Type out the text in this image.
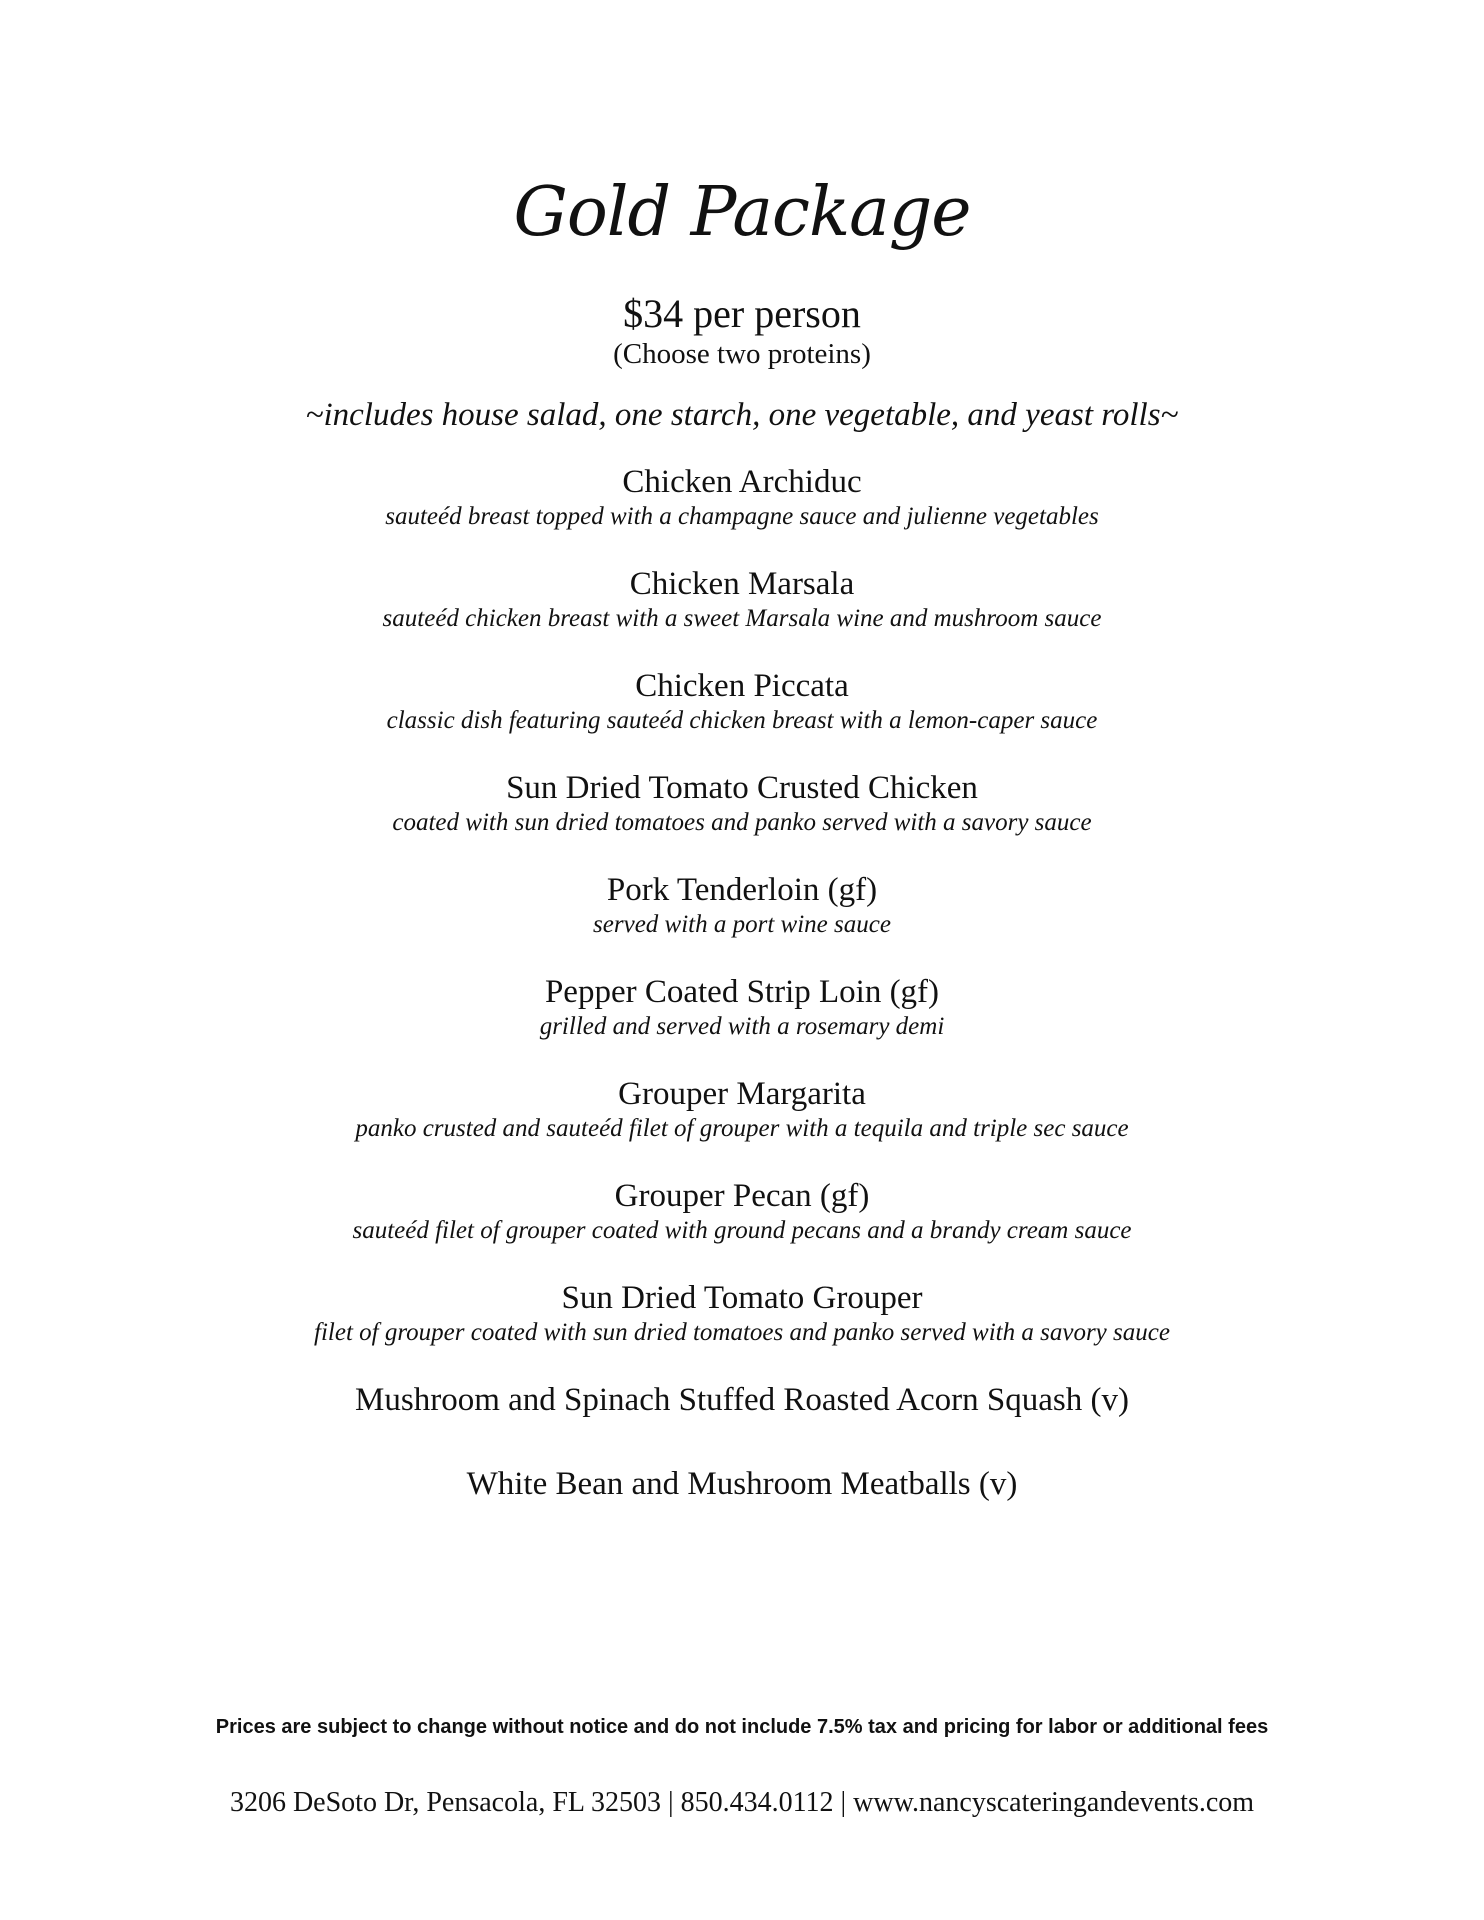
Gold Package
$34 per person
(Choose two proteins)
~includes house salad, one starch, one vegetable, and yeast rolls~
Chicken Archiduc
sauteéd breast topped with a champagne sauce and julienne vegetables
Chicken Marsala
sauteéd chicken breast with a sweet Marsala wine and mushroom sauce
Chicken Piccata
classic dish featuring sauteéd chicken breast with a lemon-caper sauce
Sun Dried Tomato Crusted Chicken
coated with sun dried tomatoes and panko served with a savory sauce
Pork Tenderloin (gf)
served with a port wine sauce
Pepper Coated Strip Loin (gf)
grilled and served with a rosemary demi
Grouper Margarita
panko crusted and sauteéd filet of grouper with a tequila and triple sec sauce
Grouper Pecan (gf)
sauteéd filet of grouper coated with ground pecans and a brandy cream sauce
Sun Dried Tomato Grouper
filet of grouper coated with sun dried tomatoes and panko served with a savory sauce
Mushroom and Spinach Stuffed Roasted Acorn Squash (v)
White Bean and Mushroom Meatballs (v)
Prices are subject to change without notice and do not include 7.5% tax and pricing for labor or additional fees
3206 DeSoto Dr, Pensacola, FL 32503 | 850.434.0112 | www.nancyscateringandevents.com
